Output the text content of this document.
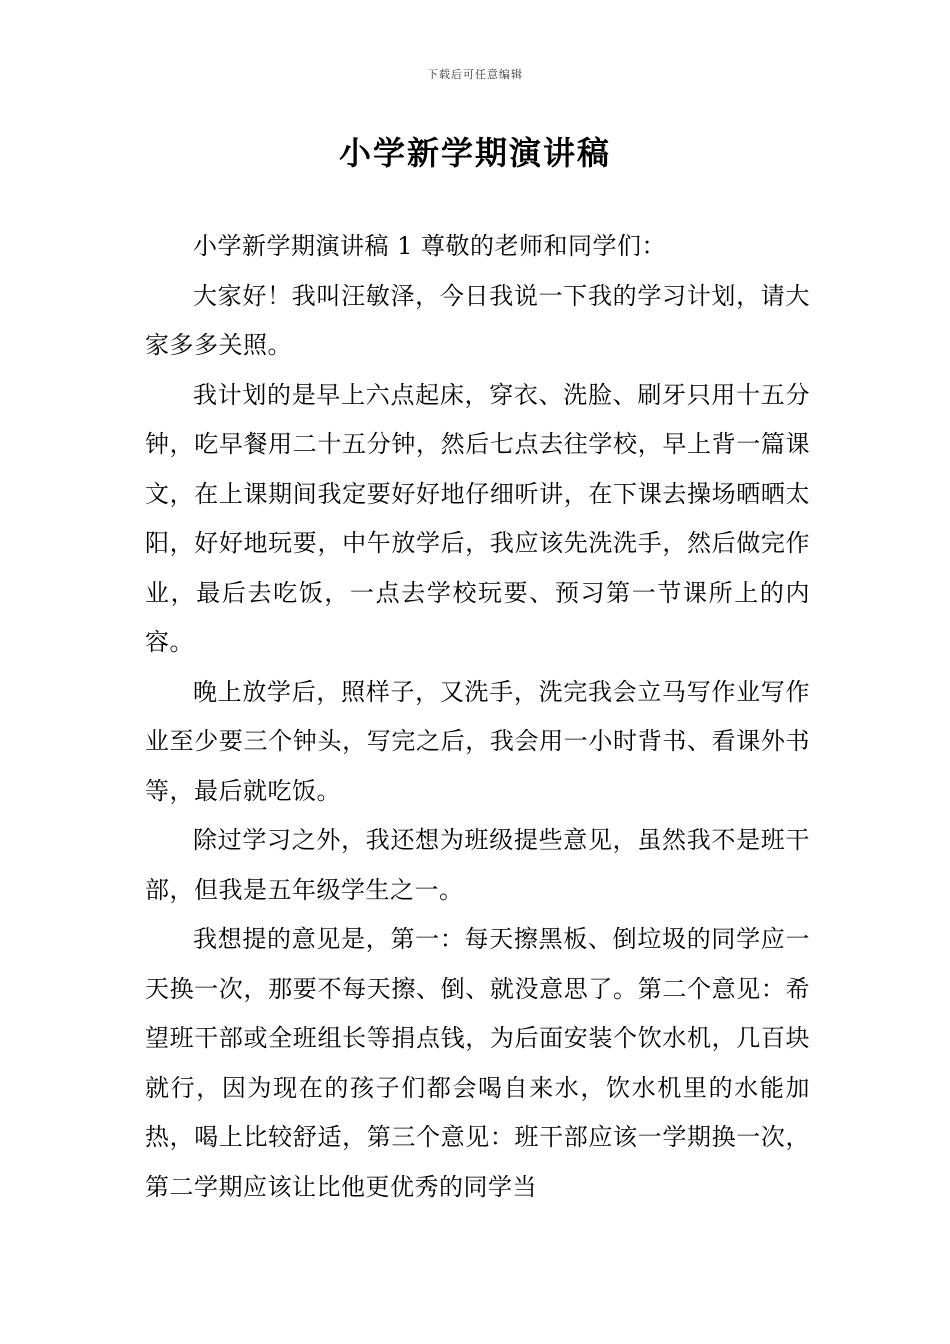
下载后可任意编辑
小学新学期演讲稿

小学新学期演讲稿 1 尊敬的老师和同学们：

大家好！我叫汪敏泽，今日我说一下我的学习计划，请大家多多关照。

我计划的是早上六点起床，穿衣、洗脸、刷牙只用十五分钟，吃早餐用二十五分钟，然后七点去往学校，早上背一篇课文，在上课期间我定要好好地仔细听讲，在下课去操场晒晒太阳，好好地玩要，中午放学后，我应该先洗洗手，然后做完作业，最后去吃饭，一点去学校玩要、预习第一节课所上的内容。

晚上放学后，照样子，又洗手，洗完我会立马写作业写作业至少要三个钟头，写完之后，我会用一小时背书、看课外书等，最后就吃饭。

除过学习之外，我还想为班级提些意见，虽然我不是班干部，但我是五年级学生之一。

我想提的意见是，第一：每天擦黑板、倒垃圾的同学应一天换一次，那要不每天擦、倒、就没意思了。第二个意见：希望班干部或全班组长等捐点钱，为后面安装个饮水机，几百块就行，因为现在的孩子们都会喝自来水，饮水机里的水能加热，喝上比较舒适，第三个意见：班干部应该一学期换一次，第二学期应该让比他更优秀的同学当
